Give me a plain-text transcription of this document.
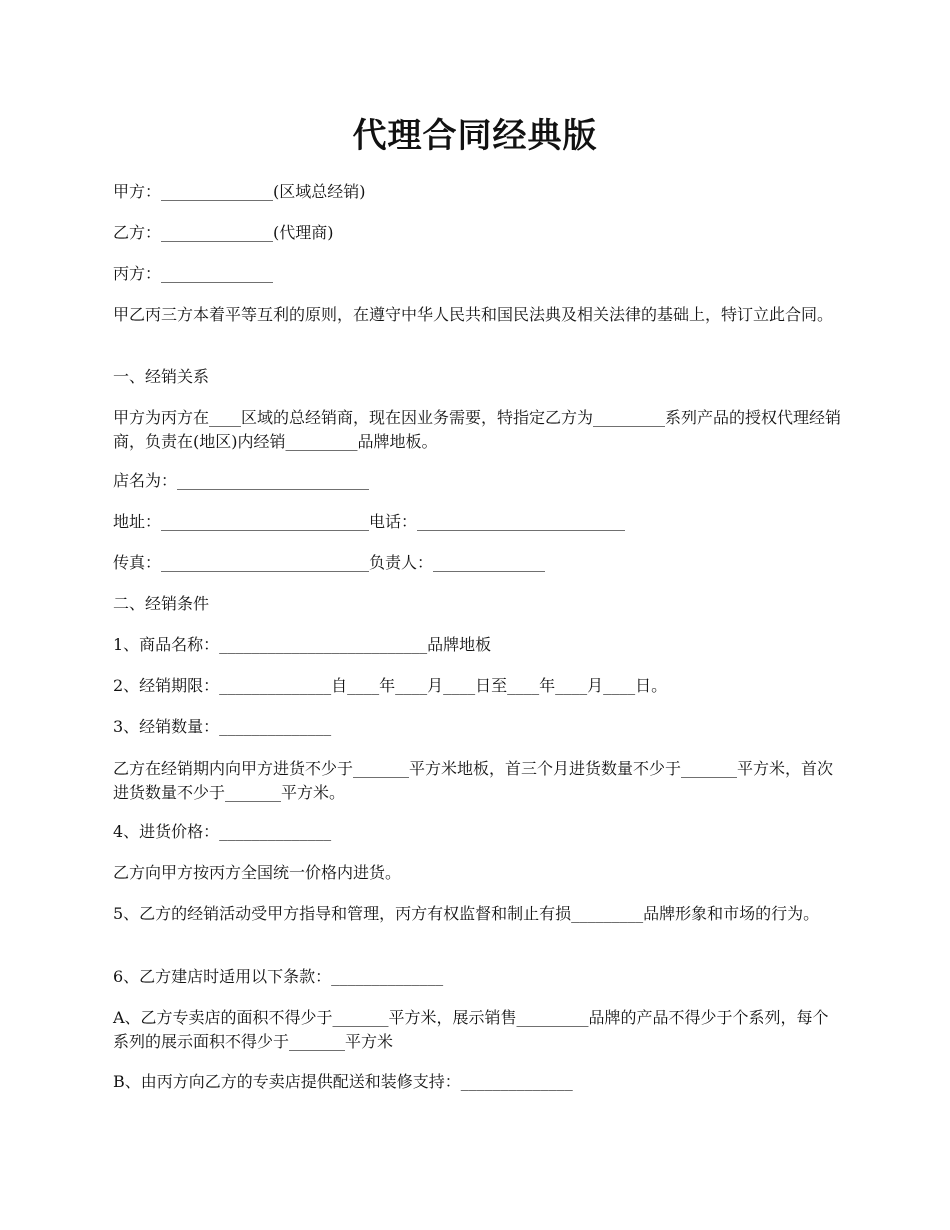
代理合同经典版
甲方：______________(区域总经销)
乙方：______________(代理商)
丙方：______________
甲乙丙三方本着平等互利的原则，在遵守中华人民共和国民法典及相关法律的基础上，特订立此合同。
一、经销关系
甲方为丙方在____区域的总经销商，现在因业务需要，特指定乙方为_________系列产品的授权代理经销商，负责在(地区)内经销_________品牌地板。
店名为：________________________
地址：__________________________电话：__________________________
传真：__________________________负责人：______________
二、经销条件
1、商品名称：__________________________品牌地板
2、经销期限：______________自____年____月____日至____年____月____日。
3、经销数量：______________
乙方在经销期内向甲方进货不少于_______平方米地板，首三个月进货数量不少于_______平方米，首次进货数量不少于_______平方米。
4、进货价格：______________
乙方向甲方按丙方全国统一价格内进货。
5、乙方的经销活动受甲方指导和管理，丙方有权监督和制止有损_________品牌形象和市场的行为。
6、乙方建店时适用以下条款：______________
A、乙方专卖店的面积不得少于_______平方米，展示销售_________品牌的产品不得少于个系列，每个系列的展示面积不得少于_______平方米
B、由丙方向乙方的专卖店提供配送和装修支持：______________
